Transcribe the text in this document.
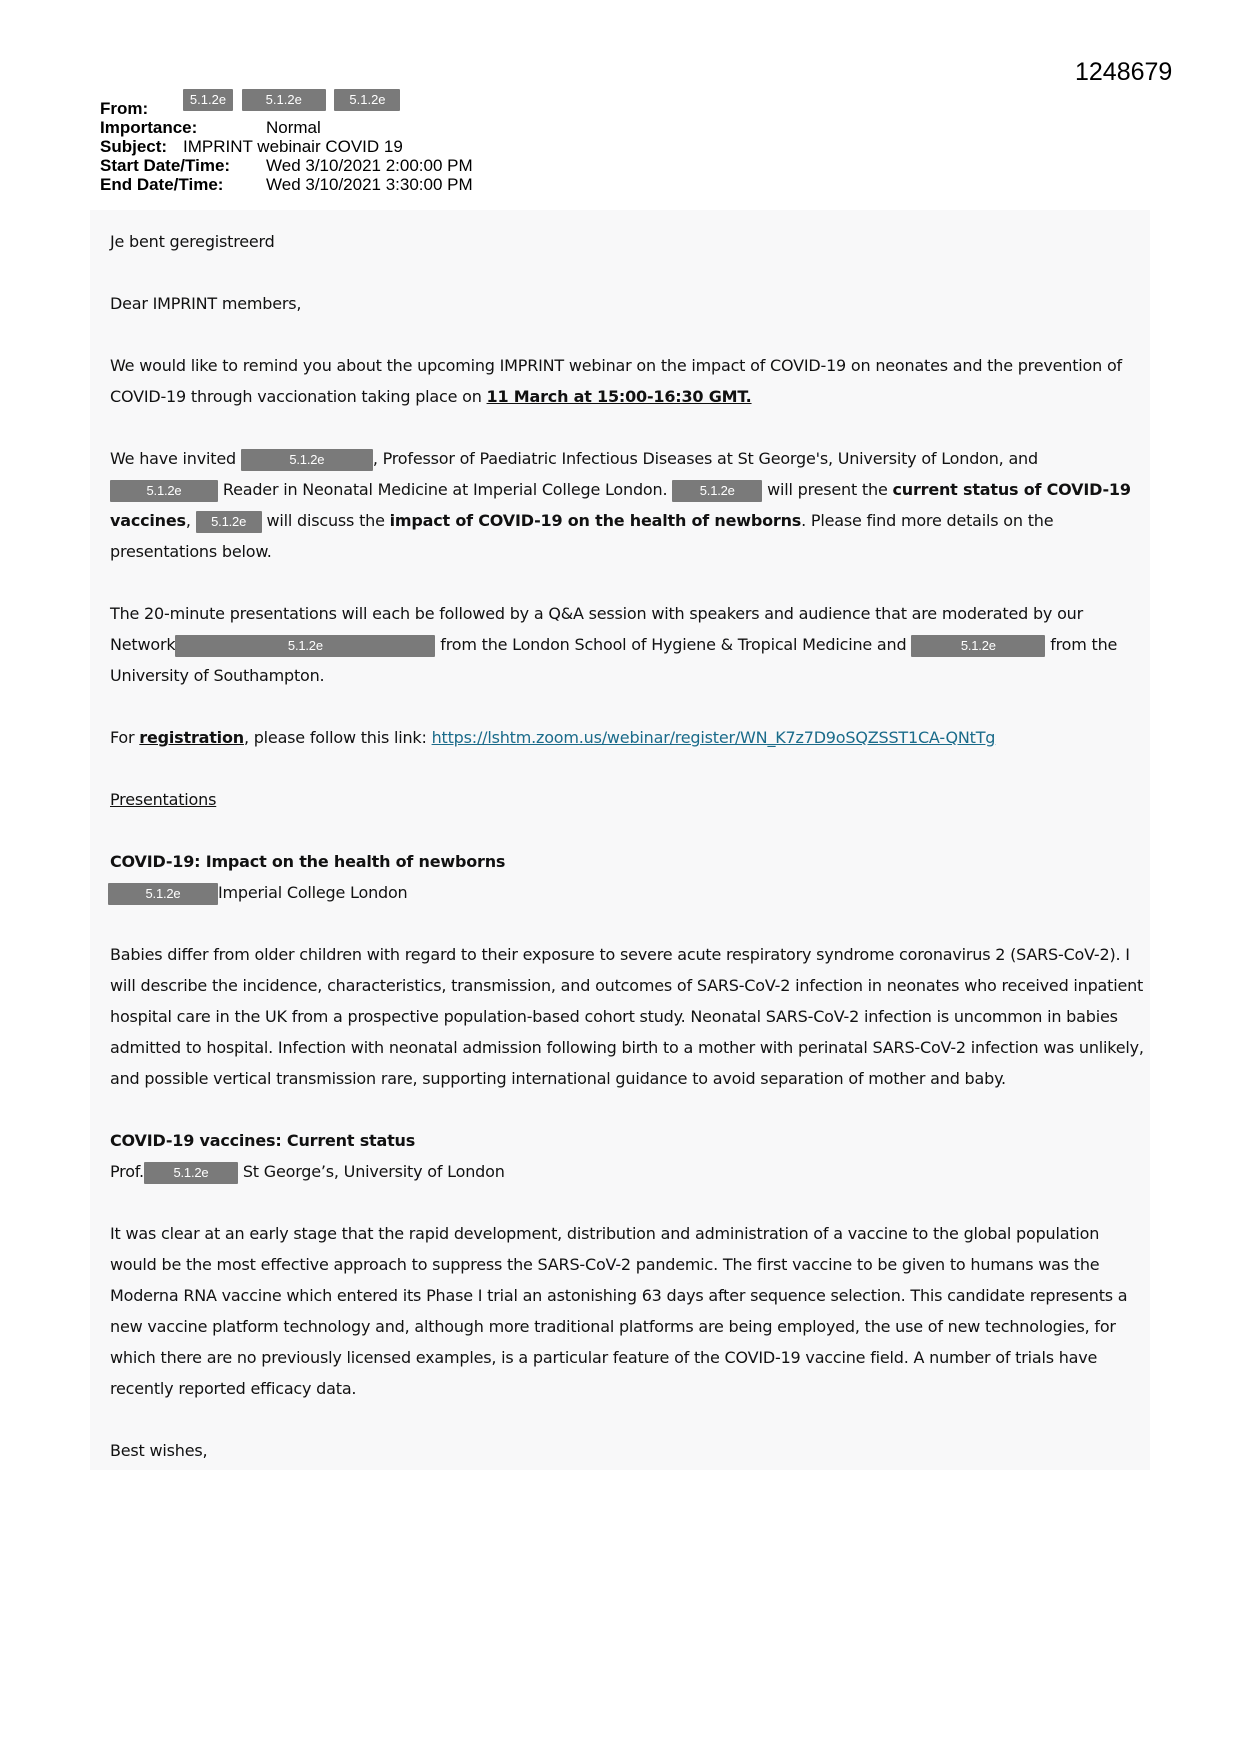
1248679
From:	5.1.2e	5.1.2e	5.1.2e
Importance:	Normal
Subject: IMPRINT webinair COVID 19
Start Date/Time: Wed 3/10/2021 2:00:00 PM
End Date/Time:	Wed 3/10/2021 3:30:00 PM

Je bent geregistreerd

Dear IMPRINT members,

We would like to remind you about the upcoming IMPRINT webinar on the impact of COVID-19 on neonates and the prevention of COVID-19 through vaccionation taking place on 11 March at 15:00-16:30 GMT.

We have invited	5.1.2e	, Professor of Paediatric Infectious Diseases at St George's, University of London, and 5.1.2e	Reader in Neonatal Medicine at Imperial College London. 5.1.2e will present the current status of COVID-19 vaccines, 5.1.2e will discuss the impact of COVID-19 on the health of newborns. Please find more details on the presentations below.

The 20-minute presentations will each be followed by a Q&A session with speakers and audience that are moderated by our Network	5.1.2e	from the London School of Hygiene & Tropical Medicine and	5.1.2e	from the University of Southampton.

For registration, please follow this link: https://lshtm.zoom.us/webinar/register/WN_K7z7D9oSQZSST1CA-QNtTg

Presentations

COVID-19: Impact on the health of newborns
5.1.2e Imperial College London

Babies differ from older children with regard to their exposure to severe acute respiratory syndrome coronavirus 2 (SARS-CoV-2). I will describe the incidence, characteristics, transmission, and outcomes of SARS-CoV-2 infection in neonates who received inpatient hospital care in the UK from a prospective population-based cohort study. Neonatal SARS-CoV-2 infection is uncommon in babies admitted to hospital. Infection with neonatal admission following birth to a mother with perinatal SARS-CoV-2 infection was unlikely, and possible vertical transmission rare, supporting international guidance to avoid separation of mother and baby.

COVID-19 vaccines: Current status
Prof. 5.1.2e St George’s, University of London

It was clear at an early stage that the rapid development, distribution and administration of a vaccine to the global population would be the most effective approach to suppress the SARS-CoV-2 pandemic. The first vaccine to be given to humans was the Moderna RNA vaccine which entered its Phase I trial an astonishing 63 days after sequence selection. This candidate represents a new vaccine platform technology and, although more traditional platforms are being employed, the use of new technologies, for which there are no previously licensed examples, is a particular feature of the COVID-19 vaccine field. A number of trials have recently reported efficacy data.

Best wishes,
